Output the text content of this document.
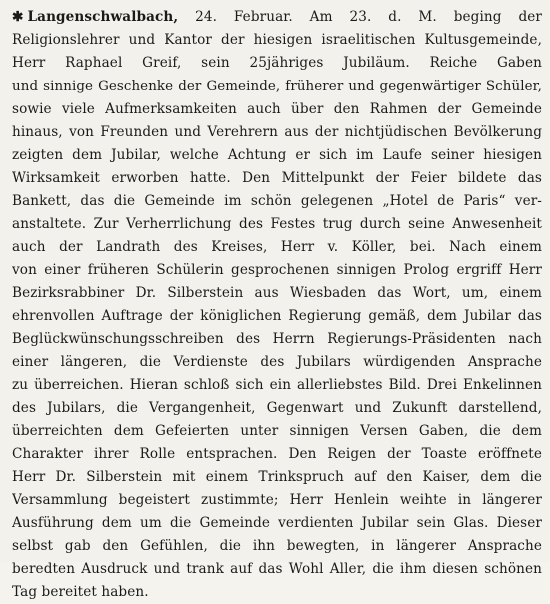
✱ Langenschwalbach, 24. Februar. Am 23. d. M. beging der
Religionslehrer und Kantor der hiesigen israelitischen Kultusgemeinde,
Herr Raphael Greif, sein 25jähriges Jubiläum. Reiche Gaben
und sinnige Geschenke der Gemeinde, früherer und gegenwärtiger Schüler,
sowie viele Aufmerksamkeiten auch über den Rahmen der Gemeinde
hinaus, von Freunden und Verehrern aus der nichtjüdischen Bevölkerung
zeigten dem Jubilar, welche Achtung er sich im Laufe seiner hiesigen
Wirksamkeit erworben hatte. Den Mittelpunkt der Feier bildete das
Bankett, das die Gemeinde im schön gelegenen „Hotel de Paris“ ver-
anstaltete. Zur Verherrlichung des Festes trug durch seine Anwesenheit
auch der Landrath des Kreises, Herr v. Köller, bei. Nach einem
von einer früheren Schülerin gesprochenen sinnigen Prolog ergriff Herr
Bezirksrabbiner Dr. Silberstein aus Wiesbaden das Wort, um, einem
ehrenvollen Auftrage der königlichen Regierung gemäß, dem Jubilar das
Beglückwünschungsschreiben des Herrn Regierungs-Präsidenten nach
einer längeren, die Verdienste des Jubilars würdigenden Ansprache
zu überreichen. Hieran schloß sich ein allerliebstes Bild. Drei Enkelinnen
des Jubilars, die Vergangenheit, Gegenwart und Zukunft darstellend,
überreichten dem Gefeierten unter sinnigen Versen Gaben, die dem
Charakter ihrer Rolle entsprachen. Den Reigen der Toaste eröffnete
Herr Dr. Silberstein mit einem Trinkspruch auf den Kaiser, dem die
Versammlung begeistert zustimmte; Herr Henlein weihte in längerer
Ausführung dem um die Gemeinde verdienten Jubilar sein Glas. Dieser
selbst gab den Gefühlen, die ihn bewegten, in längerer Ansprache
beredten Ausdruck und trank auf das Wohl Aller, die ihm diesen schönen
Tag bereitet haben.
